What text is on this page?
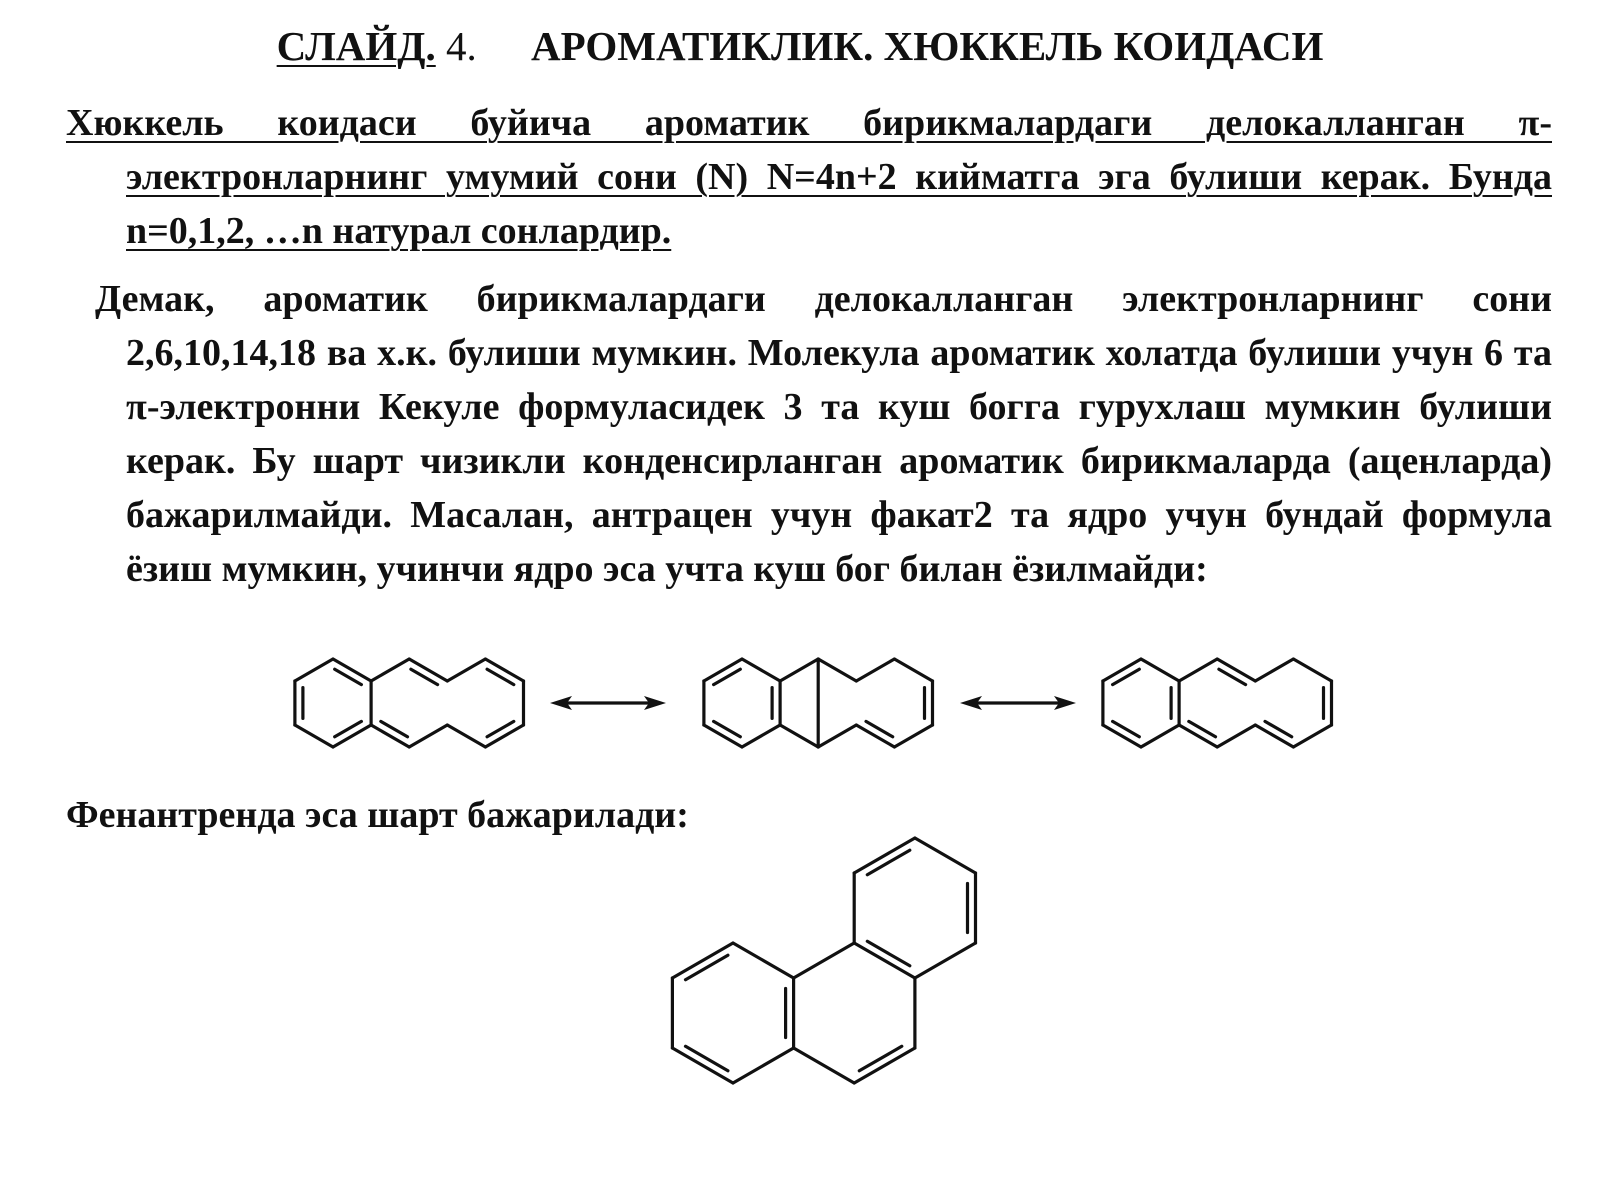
СЛАЙД. 4. АРОМАТИКЛИК. ХЮККЕЛЬ КОИДАСИ
Хюккель коидаси буйича ароматик бирикмалардаги делокалланган π-электронларнинг умумий сони (N) N=4n+2 кийматга эга булиши керак. Бунда n=0,1,2, …n натурал сонлардир.
Демак, ароматик бирикмалардаги делокалланган электронларнинг сони 2,6,10,14,18 ва х.к. булиши мумкин. Молекула ароматик холатда булиши учун 6 та π-электронни Кекуле формуласидек 3 та куш богга гурухлаш мумкин булиши керак. Бу шарт чизикли конденсирланган ароматик бирикмаларда (аценларда) бажарилмайди. Масалан, антрацен учун факат2 та ядро учун бундай формула ёзиш мумкин, учинчи ядро эса учта куш бог билан ёзилмайди:
Фенантренда эса шарт бажарилади:
